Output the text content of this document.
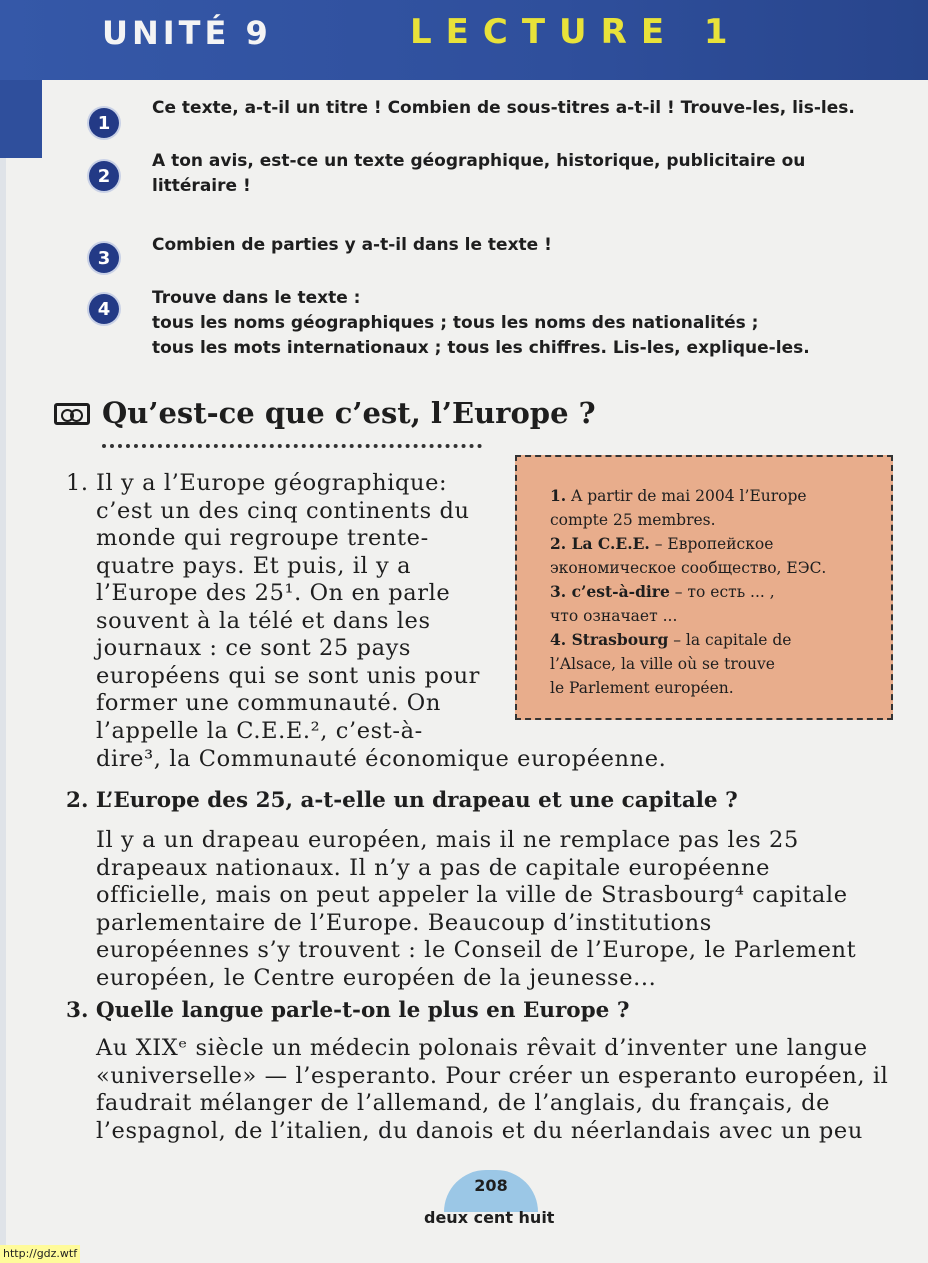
UNITÉ 9	LECTURE 1
1
Ce texte, a-t-il un titre ! Combien de sous-titres a-t-il ! Trouve-les, lis-les.
2
A ton avis, est-ce un texte géographique, historique, publicitaire ou
littéraire !
3
Combien de parties y a-t-il dans le texte !
4
Trouve dans le texte :
tous les noms géographiques ; tous les noms des nationalités ;
tous les mots internationaux ; tous les chiffres. Lis-les, explique-les.
Qu’est-ce que c’est, l’Europe ?
1. Il y a l’Europe géographique:
c’est un des cinq continents du
monde qui regroupe trente-
quatre pays. Et puis, il y a
l’Europe des 25¹. On en parle
souvent à la télé et dans les
journaux : ce sont 25 pays
européens qui se sont unis pour
former une communauté. On
l’appelle la C.E.E.², c’est-à-
dire³, la Communauté économique européenne.
1. A partir de mai 2004 l’Europe
compte 25 membres.
2. La C.E.E. – Европейское
экономическое сообщество, ЕЭС.
3. c’est-à-dire – то есть ... ,
что означает ...
4. Strasbourg – la capitale de
l’Alsace, la ville où se trouve
le Parlement européen.
2. L’Europe des 25, a-t-elle un drapeau et une capitale ?
Il y a un drapeau européen, mais il ne remplace pas les 25
drapeaux nationaux. Il n’y a pas de capitale européenne
officielle, mais on peut appeler la ville de Strasbourg⁴ capitale
parlementaire de l’Europe. Beaucoup d’institutions
européennes s’y trouvent : le Conseil de l’Europe, le Parlement
européen, le Centre européen de la jeunesse...
3. Quelle langue parle-t-on le plus en Europe ?
Au XIXᵉ siècle un médecin polonais rêvait d’inventer une langue
«universelle» — l’esperanto. Pour créer un esperanto européen, il
faudrait mélanger de l’allemand, de l’anglais, du français, de
l’espagnol, de l’italien, du danois et du néerlandais avec un peu
208
deux cent huit
http://gdz.wtf
